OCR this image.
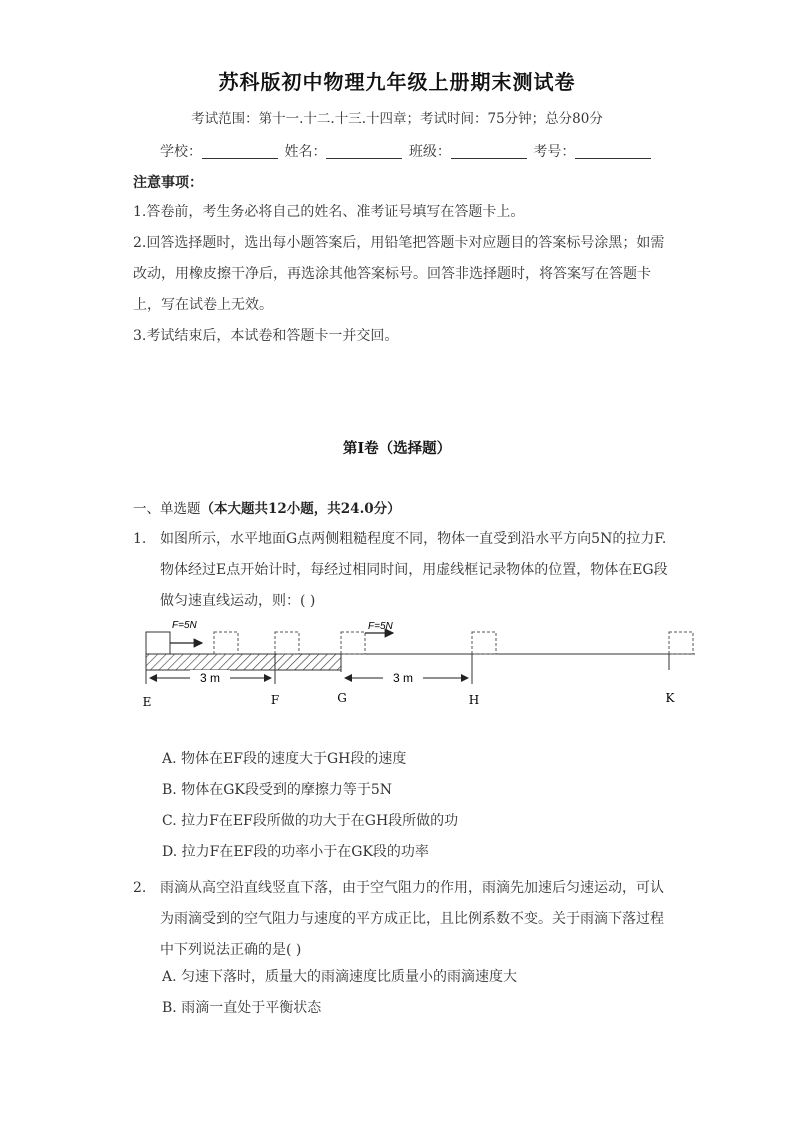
苏科版初中物理九年级上册期末测试卷
考试范围：第十一.十二.十三.十四章；考试时间：75分钟；总分80分
学校：	姓名：	班级：	考号：
注意事项：
1.答卷前，考生务必将自己的姓名、准考证号填写在答题卡上。
2.回答选择题时，选出每小题答案后，用铅笔把答题卡对应题目的答案标号涂黑；如需改动，用橡皮擦干净后，再选涂其他答案标号。回答非选择题时，将答案写在答题卡上，写在试卷上无效。
3.考试结束后，本试卷和答题卡一并交回。
第I卷（选择题）
一、单选题（本大题共12小题，共24.0分）
1. 如图所示，水平地面G点两侧粗糙程度不同，物体一直受到沿水平方向5N的拉力F.物体经过E点开始计时，每经过相同时间，用虚线框记录物体的位置，物体在EG段做匀速直线运动，则：( )
F=5N	F=5N
3 m	3 m
E	F	G	H	K
A. 物体在EF段的速度大于GH段的速度
B. 物体在GK段受到的摩擦力等于5N
C. 拉力F在EF段所做的功大于在GH段所做的功
D. 拉力F在EF段的功率小于在GK段的功率
2. 雨滴从高空沿直线竖直下落，由于空气阻力的作用，雨滴先加速后匀速运动，可认为雨滴受到的空气阻力与速度的平方成正比，且比例系数不变。关于雨滴下落过程中下列说法正确的是( )
A. 匀速下落时，质量大的雨滴速度比质量小的雨滴速度大
B. 雨滴一直处于平衡状态
